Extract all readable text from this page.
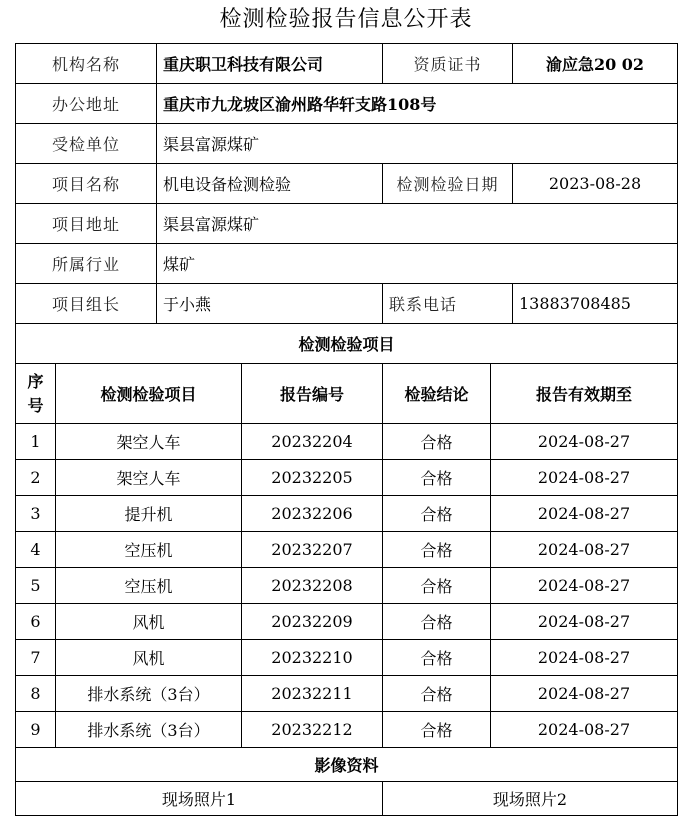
检测检验报告信息公开表
机构名称		重庆职卫科技有限公司		资质证书		渝应急20 02
办公地址		重庆市九龙坡区渝州路华轩支路108号				
受检单位		渠县富源煤矿				
项目名称		机电设备检测检验		检测检验日期		2023-08-28
项目地址		渠县富源煤矿				
所属行业		煤矿				
项目组长		于小燕		联系电话		13883708485
检测检验项目						
序号	检测检验项目		报告编号	检验结论	报告有效期至	
1	架空人车		20232204	合格	2024-08-27	
2	架空人车		20232205	合格	2024-08-27	
3	提升机		20232206	合格	2024-08-27	
4	空压机		20232207	合格	2024-08-27	
5	空压机		20232208	合格	2024-08-27	
6	风机		20232209	合格	2024-08-27	
7	风机		20232210	合格	2024-08-27	
8	排水系统（3台）		20232211	合格	2024-08-27	
9	排水系统（3台）		20232212	合格	2024-08-27	
影像资料						
现场照片1				现场照片2		
